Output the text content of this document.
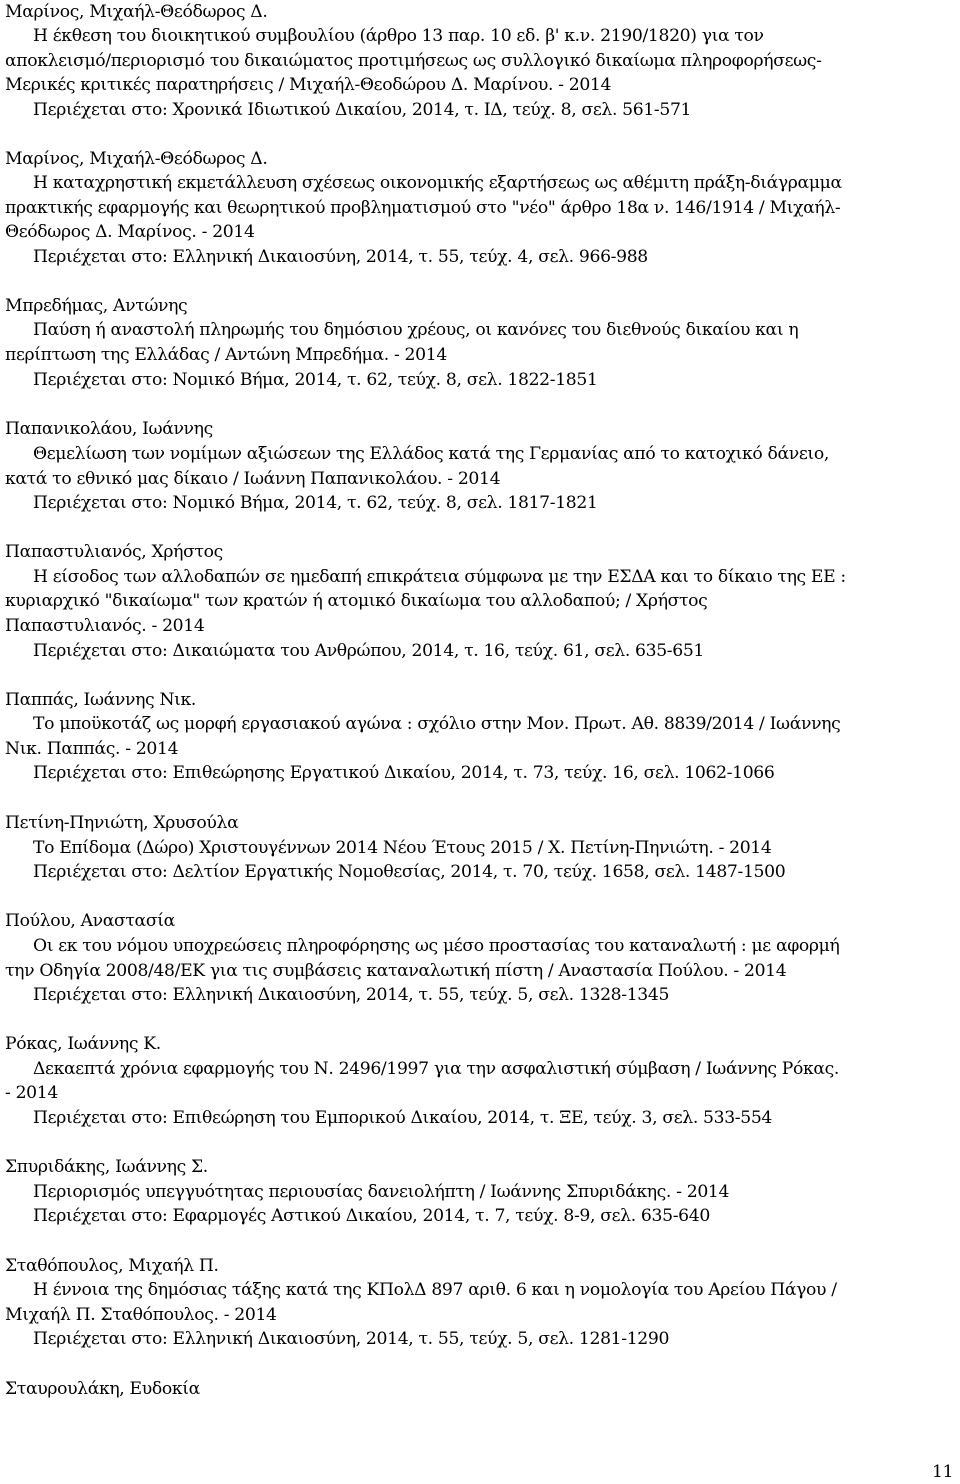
Μαρίνος, Μιχαήλ-Θεόδωρος Δ.
Η έκθεση του διοικητικού συμβουλίου (άρθρο 13 παρ. 10 εδ. β' κ.ν. 2190/1820) για τον
αποκλεισμό/περιορισμό του δικαιώματος προτιμήσεως ως συλλογικό δικαίωμα πληροφορήσεως-
Μερικές κριτικές παρατηρήσεις / Μιχαήλ-Θεοδώρου Δ. Μαρίνου. - 2014
Περιέχεται στο: Χρονικά Ιδιωτικού Δικαίου, 2014, τ. ΙΔ, τεύχ. 8, σελ. 561-571
Μαρίνος, Μιχαήλ-Θεόδωρος Δ.
Η καταχρηστική εκμετάλλευση σχέσεως οικονομικής εξαρτήσεως ως αθέμιτη πράξη-διάγραμμα
πρακτικής εφαρμογής και θεωρητικού προβληματισμού στο "νέο" άρθρο 18α ν. 146/1914 / Μιχαήλ-
Θεόδωρος Δ. Μαρίνος. - 2014
Περιέχεται στο: Ελληνική Δικαιοσύνη, 2014, τ. 55, τεύχ. 4, σελ. 966-988
Μπρεδήμας, Αντώνης
Παύση ή αναστολή πληρωμής του δημόσιου χρέους, οι κανόνες του διεθνούς δικαίου και η
περίπτωση της Ελλάδας / Αντώνη Μπρεδήμα. - 2014
Περιέχεται στο: Νομικό Βήμα, 2014, τ. 62, τεύχ. 8, σελ. 1822-1851
Παπανικολάου, Ιωάννης
Θεμελίωση των νομίμων αξιώσεων της Ελλάδος κατά της Γερμανίας από το κατοχικό δάνειο,
κατά το εθνικό μας δίκαιο / Ιωάννη Παπανικολάου. - 2014
Περιέχεται στο: Νομικό Βήμα, 2014, τ. 62, τεύχ. 8, σελ. 1817-1821
Παπαστυλιανός, Χρήστος
Η είσοδος των αλλοδαπών σε ημεδαπή επικράτεια σύμφωνα με την ΕΣΔΑ και το δίκαιο της ΕΕ :
κυριαρχικό "δικαίωμα" των κρατών ή ατομικό δικαίωμα του αλλοδαπού; / Χρήστος
Παπαστυλιανός. - 2014
Περιέχεται στο: Δικαιώματα του Ανθρώπου, 2014, τ. 16, τεύχ. 61, σελ. 635-651
Παππάς, Ιωάννης Νικ.
Το μποϋκοτάζ ως μορφή εργασιακού αγώνα : σχόλιο στην Μον. Πρωτ. Αθ. 8839/2014 / Ιωάννης
Νικ. Παππάς. - 2014
Περιέχεται στο: Επιθεώρησης Εργατικού Δικαίου, 2014, τ. 73, τεύχ. 16, σελ. 1062-1066
Πετίνη-Πηνιώτη, Χρυσούλα
Το Επίδομα (Δώρο) Χριστουγέννων 2014 Νέου Έτους 2015 / Χ. Πετίνη-Πηνιώτη. - 2014
Περιέχεται στο: Δελτίον Εργατικής Νομοθεσίας, 2014, τ. 70, τεύχ. 1658, σελ. 1487-1500
Πούλου, Αναστασία
Οι εκ του νόμου υποχρεώσεις πληροφόρησης ως μέσο προστασίας του καταναλωτή : με αφορμή
την Οδηγία 2008/48/ΕΚ για τις συμβάσεις καταναλωτική πίστη / Αναστασία Πούλου. - 2014
Περιέχεται στο: Ελληνική Δικαιοσύνη, 2014, τ. 55, τεύχ. 5, σελ. 1328-1345
Ρόκας, Ιωάννης Κ.
Δεκαεπτά χρόνια εφαρμογής του Ν. 2496/1997 για την ασφαλιστική σύμβαση / Ιωάννης Ρόκας.
- 2014
Περιέχεται στο: Επιθεώρηση του Εμπορικού Δικαίου, 2014, τ. ΞΕ, τεύχ. 3, σελ. 533-554
Σπυριδάκης, Ιωάννης Σ.
Περιορισμός υπεγγυότητας περιουσίας δανειολήπτη / Ιωάννης Σπυριδάκης. - 2014
Περιέχεται στο: Εφαρμογές Αστικού Δικαίου, 2014, τ. 7, τεύχ. 8-9, σελ. 635-640
Σταθόπουλος, Μιχαήλ Π.
Η έννοια της δημόσιας τάξης κατά της ΚΠολΔ 897 αριθ. 6 και η νομολογία του Αρείου Πάγου /
Μιχαήλ Π. Σταθόπουλος. - 2014
Περιέχεται στο: Ελληνική Δικαιοσύνη, 2014, τ. 55, τεύχ. 5, σελ. 1281-1290
Σταυρουλάκη, Ευδοκία
11
